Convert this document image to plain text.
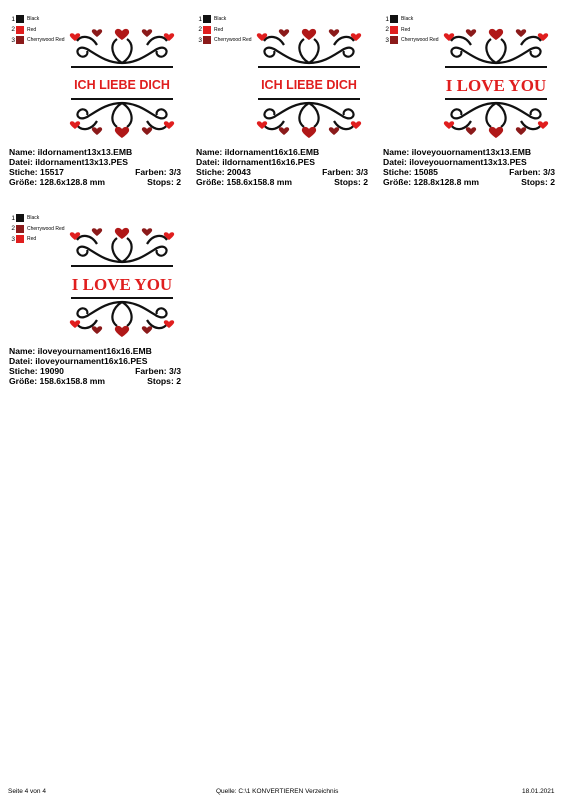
1 Black
2 Red
3 Cherrywood Red
ICH LIEBE DICH
Name: ildornament13x13.EMB
Datei: ildornament13x13.PES
Stiche: 15517	Farben: 3/3
Größe: 128.6x128.8 mm	Stops: 2
1 Black
2 Red
3 Cherrywood Red
ICH LIEBE DICH
Name: ildornament16x16.EMB
Datei: ildornament16x16.PES
Stiche: 20043	Farben: 3/3
Größe: 158.6x158.8 mm	Stops: 2
1 Black
2 Red
3 Cherrywood Red
I LOVE YOU
Name: iloveyouornament13x13.EMB
Datei: iloveyouornament13x13.PES
Stiche: 15085	Farben: 3/3
Größe: 128.8x128.8 mm	Stops: 2
1 Black
2 Cherrywood Red
3 Red
I LOVE YOU
Name: iloveyournament16x16.EMB
Datei: iloveyournament16x16.PES
Stiche: 19090	Farben: 3/3
Größe: 158.6x158.8 mm	Stops: 2
Seite 4 von 4	Quelle: C:\1 KONVERTIEREN Verzeichnis	18.01.2021
